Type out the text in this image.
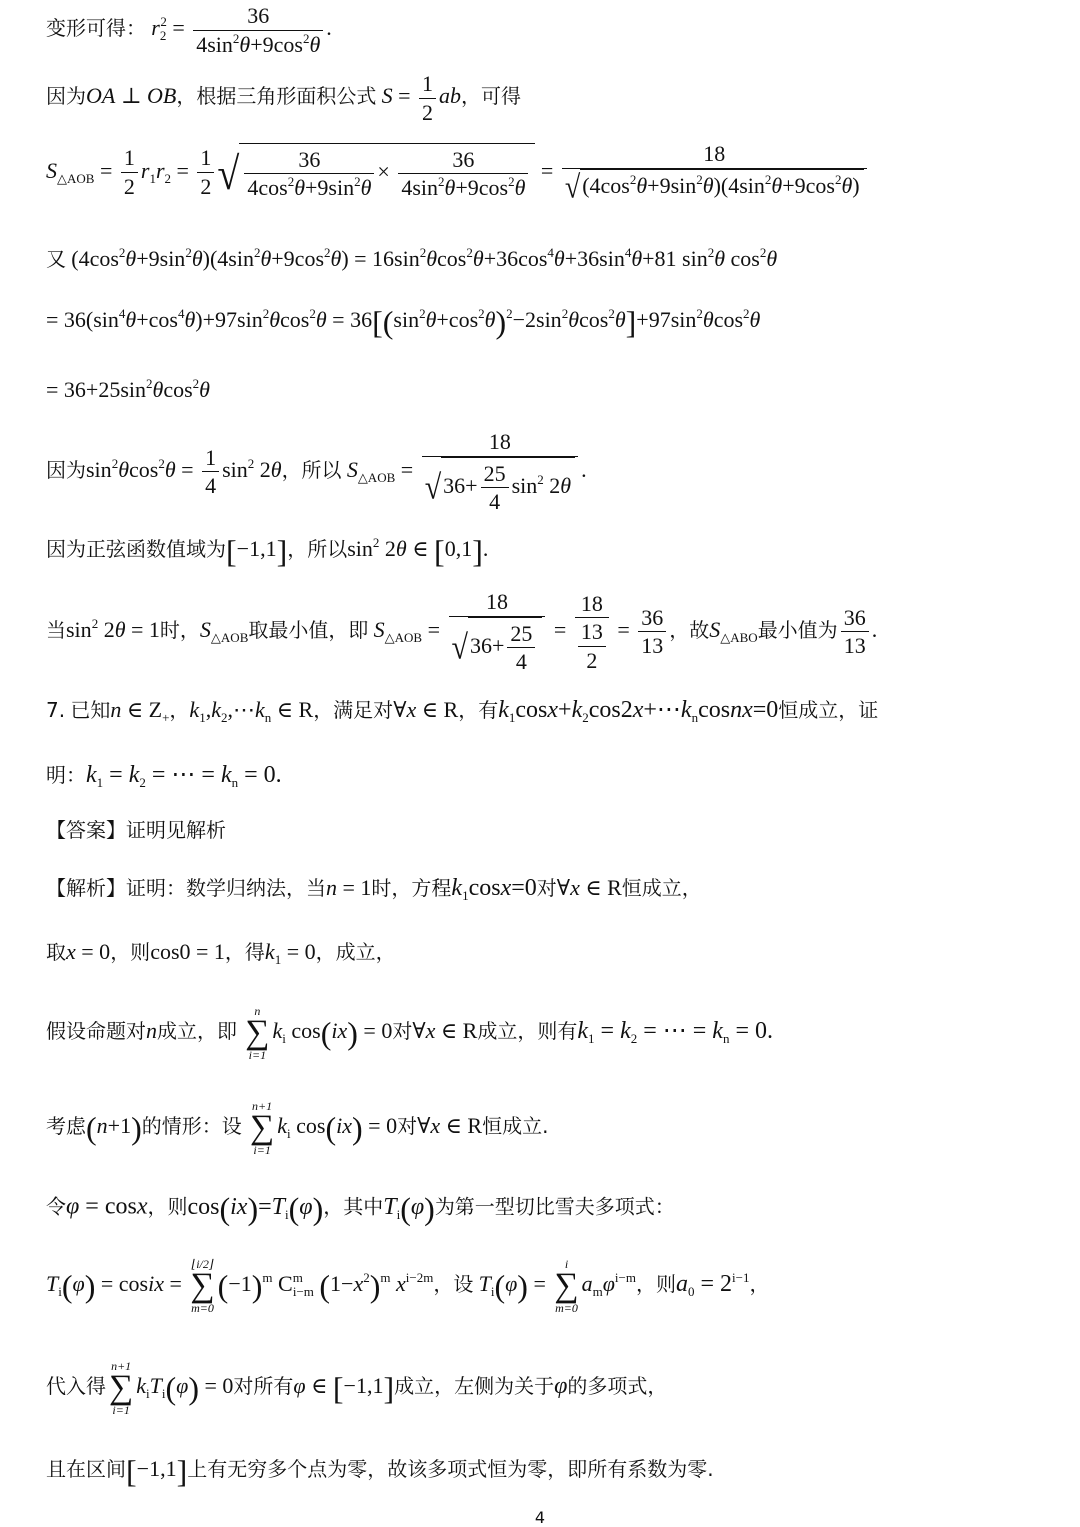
变形可得： $r_2^2 = \frac{36}{4\sin^2\theta+9\cos^2\theta}$ .
因为OA ⊥ OB，根据三角形面积公式 $S = \frac{1}{2}$ ab，可得
$S_{\triangle AOB} = \frac{1}{2} r_1r_2 = \frac{1}{2}$ √ $\frac{36}{4\cos^2\theta+9\sin^2\theta} \times \frac{36}{4\sin^2\theta+9\cos^2\theta} = \frac{18}{√(4\cos^2\theta+9\sin^2\theta)(4\sin^2\theta+9\cos^2\theta)}$
又 $(4\cos^2\theta+9\sin^2\theta)(4\sin^2\theta+9\cos^2\theta) = 16\sin^2\theta\cos^2\theta+36\cos^4\theta+36\sin^4\theta+81$ $\sin^2\theta$ $\cos^2\theta$
= $36(\sin^4\theta+\cos^4\theta)+97\sin^2\theta\cos^2\theta = 36[(\sin^2\theta+\cos^2\theta)^2-2\sin^2\theta\cos^2\theta]+97\sin^2\theta\cos^2\theta$
= $36+25\sin^2\theta\cos^2\theta$
因为$\sin^2\theta\cos^2\theta = \frac{1}{4} \sin^2 2\theta$，所以 $S_{\triangle AOB} = \frac{18}{√36+ \frac{25}{4} \sin^2 2\theta}$ .
因为正弦函数值域为[−1,1]，所以$\sin^2 2\theta$ ∈ [0,1].
当$\sin^2 2\theta = 1$时，$S_{\triangle AOB}$取最小值，即 $S_{\triangle AOB} = \frac{18}{√36+ \frac{25}{4}} = \frac{18}{\frac{13}{2}} = \frac{36}{13}$ ，故$S_{\triangle ABO}$最小值为 $\frac{36}{13}$ .
7. 已知n ∈ $Z_+$，$k_1,k_2,\cdots k_n$ ∈ R，满足对∀x ∈ R，有$k_1\cos x+k_2\cos 2x+\cdots k_ncosnx=0$恒成立，证
明：$k_1 = k_2$ = ⋯ = $k_n = 0$.
【答案】证明见解析
【解析】证明：数学归纳法，当n = 1时，方程$k_1\cos x=0$对∀x ∈ R恒成立，
取x = 0，则cos0 = 1，得$k_1 = 0$，成立，
假设命题对n成立，即
n
∑
i=1
$k_i$ cos(ix) = 0对∀x ∈ R成立，则有$k_1 = k_2$ = ⋯ = $k_n = 0$.
考虑(n+1)的情形：设
n+1
∑
i=1
$k_i$ cos(ix) = 0对∀x ∈ R恒成立.
令φ = cosx，则$\cos(ix)=T_i(\varphi)$，其中$T_i(\varphi)$为第一型切比雪夫多项式：
$T_i(\varphi)$ = cosix =
⌊i/2⌋
∑
m=0
$(-1)^m$ $C^m_{i-m}$ $(1-x^2)^m$ $x^{i-2m}$，设 $T_i(\varphi)$ =
i
∑
m=0
$a_m\varphi^{i-m}$，则$a_0 = 2^{i-1}$，
代入得
n+1
∑
i=1
$k_iT_i(\varphi) = 0$对所有φ ∈ [−1,1]成立，左侧为关于φ的多项式，
且在区间[−1,1]上有无穷多个点为零，故该多项式恒为零，即所有系数为零.
4
